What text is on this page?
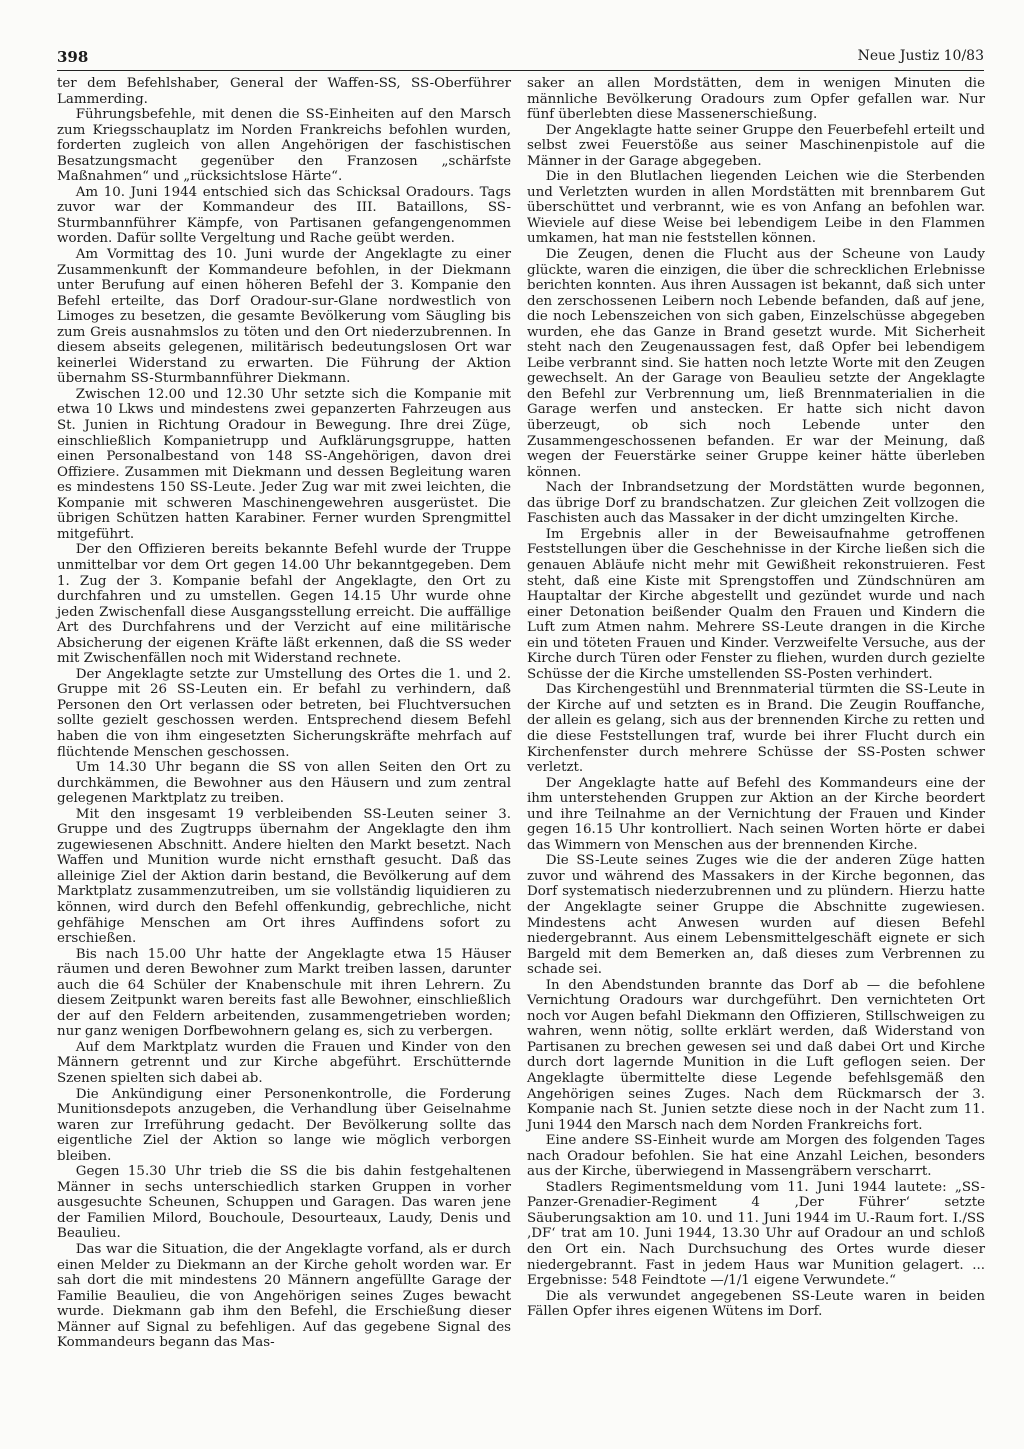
398	Neue Justiz 10/83

ter dem Befehlshaber, General der Waffen-SS, SS-Oberführer Lammerding.

Führungsbefehle, mit denen die SS-Einheiten auf den Marsch zum Kriegsschauplatz im Norden Frankreichs befohlen wurden, forderten zugleich von allen Angehörigen der faschistischen Besatzungsmacht gegenüber den Franzosen „schärfste Maßnahmen“ und „rücksichtslose Härte“.

Am 10. Juni 1944 entschied sich das Schicksal Oradours. Tags zuvor war der Kommandeur des III. Bataillons, SS-Sturmbannführer Kämpfe, von Partisanen gefangengenommen worden. Dafür sollte Vergeltung und Rache geübt werden.

Am Vormittag des 10. Juni wurde der Angeklagte zu einer Zusammenkunft der Kommandeure befohlen, in der Diekmann unter Berufung auf einen höheren Befehl der 3. Kompanie den Befehl erteilte, das Dorf Oradour-sur-Glane nordwestlich von Limoges zu besetzen, die gesamte Bevölkerung vom Säugling bis zum Greis ausnahmslos zu töten und den Ort niederzubrennen. In diesem abseits gelegenen, militärisch bedeutungslosen Ort war keinerlei Widerstand zu erwarten. Die Führung der Aktion übernahm SS-Sturmbannführer Diekmann.

Zwischen 12.00 und 12.30 Uhr setzte sich die Kompanie mit etwa 10 Lkws und mindestens zwei gepanzerten Fahrzeugen aus St. Junien in Richtung Oradour in Bewegung. Ihre drei Züge, einschließlich Kompanietrupp und Aufklärungsgruppe, hatten einen Personalbestand von 148 SS-Angehörigen, davon drei Offiziere. Zusammen mit Diekmann und dessen Begleitung waren es mindestens 150 SS-Leute. Jeder Zug war mit zwei leichten, die Kompanie mit schweren Maschinengewehren ausgerüstet. Die übrigen Schützen hatten Karabiner. Ferner wurden Sprengmittel mitgeführt.

Der den Offizieren bereits bekannte Befehl wurde der Truppe unmittelbar vor dem Ort gegen 14.00 Uhr bekanntgegeben. Dem 1. Zug der 3. Kompanie befahl der Angeklagte, den Ort zu durchfahren und zu umstellen. Gegen 14.15 Uhr wurde ohne jeden Zwischenfall diese Ausgangsstellung erreicht. Die auffällige Art des Durchfahrens und der Verzicht auf eine militärische Absicherung der eigenen Kräfte läßt erkennen, daß die SS weder mit Zwischenfällen noch mit Widerstand rechnete.

Der Angeklagte setzte zur Umstellung des Ortes die 1. und 2. Gruppe mit 26 SS-Leuten ein. Er befahl zu verhindern, daß Personen den Ort verlassen oder betreten, bei Fluchtversuchen sollte gezielt geschossen werden. Entsprechend diesem Befehl haben die von ihm eingesetzten Sicherungskräfte mehrfach auf flüchtende Menschen geschossen.

Um 14.30 Uhr begann die SS von allen Seiten den Ort zu durchkämmen, die Bewohner aus den Häusern und zum zentral gelegenen Marktplatz zu treiben.

Mit den insgesamt 19 verbleibenden SS-Leuten seiner 3. Gruppe und des Zugtrupps übernahm der Angeklagte den ihm zugewiesenen Abschnitt. Andere hielten den Markt besetzt. Nach Waffen und Munition wurde nicht ernsthaft gesucht. Daß das alleinige Ziel der Aktion darin bestand, die Bevölkerung auf dem Marktplatz zusammenzutreiben, um sie vollständig liquidieren zu können, wird durch den Befehl offenkundig, gebrechliche, nicht gehfähige Menschen am Ort ihres Auffindens sofort zu erschießen.

Bis nach 15.00 Uhr hatte der Angeklagte etwa 15 Häuser räumen und deren Bewohner zum Markt treiben lassen, darunter auch die 64 Schüler der Knabenschule mit ihren Lehrern. Zu diesem Zeitpunkt waren bereits fast alle Bewohner, einschließlich der auf den Feldern arbeitenden, zusammengetrieben worden; nur ganz wenigen Dorfbewohnern gelang es, sich zu verbergen.

Auf dem Marktplatz wurden die Frauen und Kinder von den Männern getrennt und zur Kirche abgeführt. Erschütternde Szenen spielten sich dabei ab.

Die Ankündigung einer Personenkontrolle, die Forderung Munitionsdepots anzugeben, die Verhandlung über Geiselnahme waren zur Irreführung gedacht. Der Bevölkerung sollte das eigentliche Ziel der Aktion so lange wie möglich verborgen bleiben.

Gegen 15.30 Uhr trieb die SS die bis dahin festgehaltenen Männer in sechs unterschiedlich starken Gruppen in vorher ausgesuchte Scheunen, Schuppen und Garagen. Das waren jene der Familien Milord, Bouchoule, Desourteaux, Laudy, Denis und Beaulieu.

Das war die Situation, die der Angeklagte vorfand, als er durch einen Melder zu Diekmann an der Kirche geholt worden war. Er sah dort die mit mindestens 20 Männern angefüllte Garage der Familie Beaulieu, die von Angehörigen seines Zuges bewacht wurde. Diekmann gab ihm den Befehl, die Erschießung dieser Männer auf Signal zu befehligen. Auf das gegebene Signal des Kommandeurs begann das Mas-

saker an allen Mordstätten, dem in wenigen Minuten die männliche Bevölkerung Oradours zum Opfer gefallen war. Nur fünf überlebten diese Massenerschießung.

Der Angeklagte hatte seiner Gruppe den Feuerbefehl erteilt und selbst zwei Feuerstöße aus seiner Maschinenpistole auf die Männer in der Garage abgegeben.

Die in den Blutlachen liegenden Leichen wie die Sterbenden und Verletzten wurden in allen Mordstätten mit brennbarem Gut überschüttet und verbrannt, wie es von Anfang an befohlen war. Wieviele auf diese Weise bei lebendigem Leibe in den Flammen umkamen, hat man nie feststellen können.

Die Zeugen, denen die Flucht aus der Scheune von Laudy glückte, waren die einzigen, die über die schrecklichen Erlebnisse berichten konnten. Aus ihren Aussagen ist bekannt, daß sich unter den zerschossenen Leibern noch Lebende befanden, daß auf jene, die noch Lebenszeichen von sich gaben, Einzelschüsse abgegeben wurden, ehe das Ganze in Brand gesetzt wurde. Mit Sicherheit steht nach den Zeugenaussagen fest, daß Opfer bei lebendigem Leibe verbrannt sind. Sie hatten noch letzte Worte mit den Zeugen gewechselt. An der Garage von Beaulieu setzte der Angeklagte den Befehl zur Verbrennung um, ließ Brennmaterialien in die Garage werfen und anstecken. Er hatte sich nicht davon überzeugt, ob sich noch Lebende unter den Zusammengeschossenen befanden. Er war der Meinung, daß wegen der Feuerstärke seiner Gruppe keiner hätte überleben können.

Nach der Inbrandsetzung der Mordstätten wurde begonnen, das übrige Dorf zu brandschatzen. Zur gleichen Zeit vollzogen die Faschisten auch das Massaker in der dicht umzingelten Kirche.

Im Ergebnis aller in der Beweisaufnahme getroffenen Feststellungen über die Geschehnisse in der Kirche ließen sich die genauen Abläufe nicht mehr mit Gewißheit rekonstruieren. Fest steht, daß eine Kiste mit Sprengstoffen und Zündschnüren am Hauptaltar der Kirche abgestellt und gezündet wurde und nach einer Detonation beißender Qualm den Frauen und Kindern die Luft zum Atmen nahm. Mehrere SS-Leute drangen in die Kirche ein und töteten Frauen und Kinder. Verzweifelte Versuche, aus der Kirche durch Türen oder Fenster zu fliehen, wurden durch gezielte Schüsse der die Kirche umstellenden SS-Posten verhindert.

Das Kirchengestühl und Brennmaterial türmten die SS-Leute in der Kirche auf und setzten es in Brand. Die Zeugin Rouffanche, der allein es gelang, sich aus der brennenden Kirche zu retten und die diese Feststellungen traf, wurde bei ihrer Flucht durch ein Kirchenfenster durch mehrere Schüsse der SS-Posten schwer verletzt.

Der Angeklagte hatte auf Befehl des Kommandeurs eine der ihm unterstehenden Gruppen zur Aktion an der Kirche beordert und ihre Teilnahme an der Vernichtung der Frauen und Kinder gegen 16.15 Uhr kontrolliert. Nach seinen Worten hörte er dabei das Wimmern von Menschen aus der brennenden Kirche.

Die SS-Leute seines Zuges wie die der anderen Züge hatten zuvor und während des Massakers in der Kirche begonnen, das Dorf systematisch niederzubrennen und zu plündern. Hierzu hatte der Angeklagte seiner Gruppe die Abschnitte zugewiesen. Mindestens acht Anwesen wurden auf diesen Befehl niedergebrannt. Aus einem Lebensmittelgeschäft eignete er sich Bargeld mit dem Bemerken an, daß dieses zum Verbrennen zu schade sei.

In den Abendstunden brannte das Dorf ab — die befohlene Vernichtung Oradours war durchgeführt. Den vernichteten Ort noch vor Augen befahl Diekmann den Offizieren, Stillschweigen zu wahren, wenn nötig, sollte erklärt werden, daß Widerstand von Partisanen zu brechen gewesen sei und daß dabei Ort und Kirche durch dort lagernde Munition in die Luft geflogen seien. Der Angeklagte übermittelte diese Legende befehlsgemäß den Angehörigen seines Zuges. Nach dem Rückmarsch der 3. Kompanie nach St. Junien setzte diese noch in der Nacht zum 11. Juni 1944 den Marsch nach dem Norden Frankreichs fort.

Eine andere SS-Einheit wurde am Morgen des folgenden Tages nach Oradour befohlen. Sie hat eine Anzahl Leichen, besonders aus der Kirche, überwiegend in Massengräbern verscharrt.

Stadlers Regimentsmeldung vom 11. Juni 1944 lautete: „SS-Panzer-Grenadier-Regiment 4 ‚Der Führer‘ setzte Säuberungsaktion am 10. und 11. Juni 1944 im U.-Raum fort. I./SS ‚DF‘ trat am 10. Juni 1944, 13.30 Uhr auf Oradour an und schloß den Ort ein. Nach Durchsuchung des Ortes wurde dieser niedergebrannt. Fast in jedem Haus war Munition gelagert. ... Ergebnisse: 548 Feindtote —/1/1 eigene Verwundete.“

Die als verwundet angegebenen SS-Leute waren in beiden Fällen Opfer ihres eigenen Wütens im Dorf.
